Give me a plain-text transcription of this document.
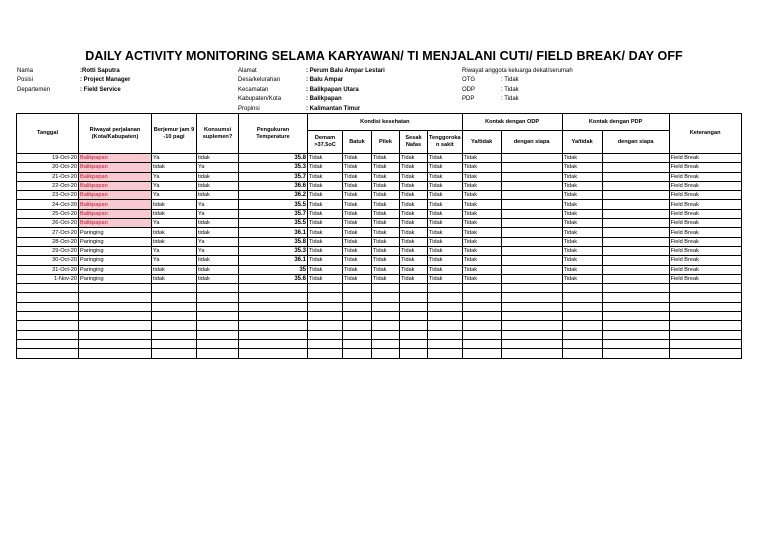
DAILY ACTIVITY MONITORING SELAMA KARYAWAN/ TI MENJALANI CUTI/ FIELD BREAK/ DAY OFF
Nama	:Rotti Saputra
Posisi	: Project Manager
Departemen	: Field Service
Alamat	: Perum Balu Ampar Lestari
Desa/kelurahan	: Balu Ampar
Kecamatan	: Balikpapan Utara
Kabupaten/Kota	: Balikpapan
Propinsi	: Kalimantan Timur
Riwayat anggota keluarga dekat/serumah
OTG	: Tidak
ODP	: Tidak
PDP	: Tidak
Tanggal	Riwayat perjalanan (Kota/Kabupaten)	Berjemur jam 9 -10 pagi	Konsumsi suplemen?	Pengukuran Temperature	Kondisi kesehatan					Kontak dengan ODP		Kontak dengan PDP		Keterangan
					Demam >37.5oC	Batuk	Pilek	Sesak Nafas	Tenggoroka n sakit	Ya/tidak	dengan siapa	Ya/tidak	dengan siapa	
19-Oct-20	Balikpapan	Ya	tidak	35.8	Tidak	Tidak	Tidak	Tidak	Tidak	Tidak		Tidak		Field Break
20-Oct-20	Balikpapan	tidak	Ya	35.3	Tidak	Tidak	Tidak	Tidak	Tidak	Tidak		Tidak		Field Break
21-Oct-20	Balikpapan	Ya	tidak	35.7	Tidak	Tidak	Tidak	Tidak	Tidak	Tidak		Tidak		Field Break
22-Oct-20	Balikpapan	Ya	tidak	36.6	Tidak	Tidak	Tidak	Tidak	Tidak	Tidak		Tidak		Field Break
23-Oct-20	Balikpapan	Ya	tidak	36.2	Tidak	Tidak	Tidak	Tidak	Tidak	Tidak		Tidak		Field Break
24-Oct-20	Balikpapan	tidak	Ya	35.5	Tidak	Tidak	Tidak	Tidak	Tidak	Tidak		Tidak		Field Break
25-Oct-20	Balikpapan	tidak	Ya	35.7	Tidak	Tidak	Tidak	Tidak	Tidak	Tidak		Tidak		Field Break
26-Oct-20	Balikpapan	Ya	tidak	35.5	Tidak	Tidak	Tidak	Tidak	Tidak	Tidak		Tidak		Field Break
27-Oct-20	Paringing	tidak	tidak	36.1	Tidak	Tidak	Tidak	Tidak	Tidak	Tidak		Tidak		Field Break
28-Oct-20	Paringing	tidak	Ya	35.8	Tidak	Tidak	Tidak	Tidak	Tidak	Tidak		Tidak		Field Break
29-Oct-20	Paringing	Ya	Ya	35.3	Tidak	Tidak	Tidak	Tidak	Tidak	Tidak		Tidak		Field Break
30-Oct-20	Paringing	Ya	tidak	36.1	Tidak	Tidak	Tidak	Tidak	Tidak	Tidak		Tidak		Field Break
31-Oct-20	Paringing	tidak	tidak	35	Tidak	Tidak	Tidak	Tidak	Tidak	Tidak		Tidak		Field Break
1-Nov-20	Paringing	tidak	tidak	35.6	Tidak	Tidak	Tidak	Tidak	Tidak	Tidak		Tidak		Field Break
